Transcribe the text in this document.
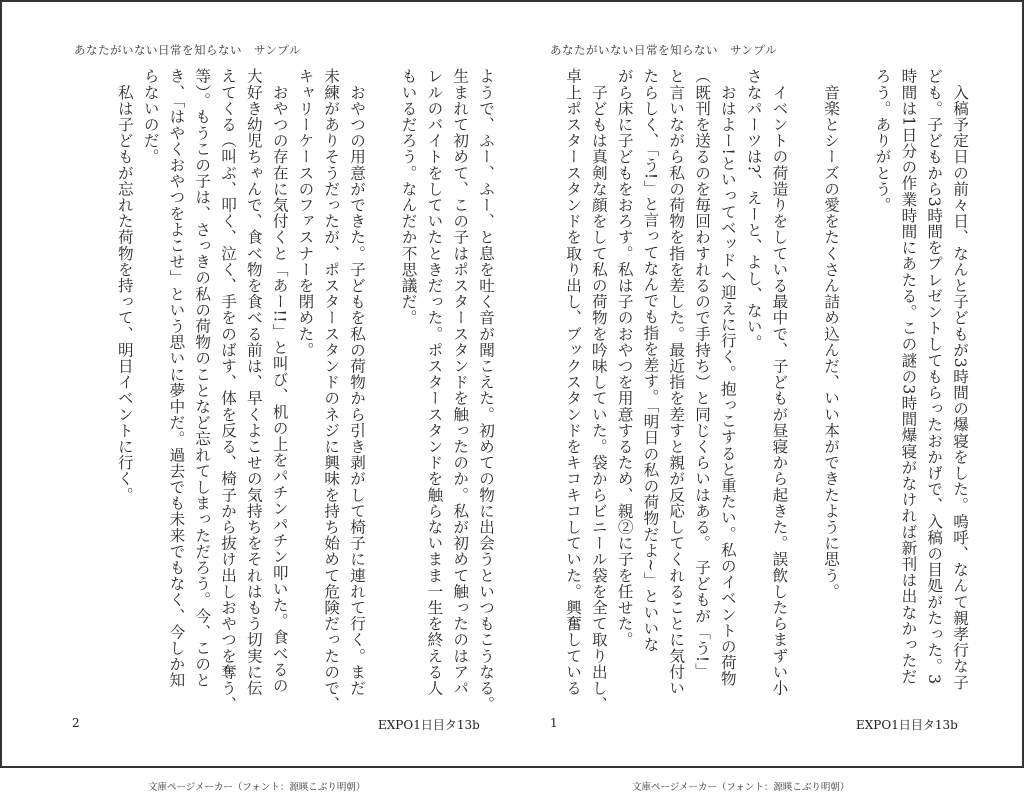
あなたがいない日常を知らない　サンプル
ようで、ふー、ふー、と息を吐く音が聞こえた。初めての物に出会うといつもこうなる。
生まれて初めて、この子はポスタースタンドを触ったのか。私が初めて触ったのはアパ
レルのバイトをしていたときだった。ポスタースタンドを触らないまま一生を終える人
もいるだろう。なんだか不思議だ。

　おやつの用意ができた。子どもを私の荷物から引き剥がして椅子に連れて行く。まだ
未練がありそうだったが、ポスタースタンドのネジに興味を持ち始めて危険だったので、
キャリーケースのファスナーを閉めた。
　おやつの存在に気付くと「あー!!」と叫び、机の上をパチンパチン叩いた。食べるの
大好き幼児ちゃんで、食べ物を食べる前は、早くよこせの気持ちをそれはもう切実に伝
えてくる（叫ぶ、叩く、泣く、手をのばす、体を反る、椅子から抜け出しおやつを奪う、
等）。もうこの子は、さっきの私の荷物のことなど忘れてしまっただろう。今、このと
き、「はやくおやつをよこせ」という思いに夢中だ。過去でも未来でもなく、今しか知
らないのだ。
　私は子どもが忘れた荷物を持って、明日イベントに行く。
2	EXPO1日目タ13b
あなたがいない日常を知らない　サンプル
　入稿予定日の前々日、なんと子どもが3時間の爆寝をした。嗚呼、なんて親孝行な子
ども。子どもから3時間をプレゼントしてもらったおかげで、入稿の目処がたった。3
時間は1日分の作業時間にあたる。この謎の3時間爆寝がなければ新刊は出なかっただ
ろう。ありがとう。

　音楽とシーズの愛をたくさん詰め込んだ、いい本ができたように思う。

　イベントの荷造りをしている最中で、子どもが昼寝から起きた。誤飲したらまずい小
さなパーツは?、えーと、よし、ない。
　おはよー!といってベッドへ迎えに行く。抱っこすると重たい。私のイベントの荷物
（既刊を送るのを毎回わすれるので手持ち）と同じくらいはある。　子どもが「う!」
と言いながら私の荷物を指を差した。最近指を差すと親が反応してくれることに気付い
たらしく、「う!」と言ってなんでも指を差す。「明日の私の荷物だよ~」といいな
がら床に子どもをおろす。私は子のおやつを用意するため、親②に子を任せた。
　子どもは真剣な顔をして私の荷物を吟味していた。袋からビニール袋を全て取り出し、
卓上ポスタースタンドを取り出し、ブックスタンドをキコキコしていた。興奮している
1	EXPO1日目タ13b
文庫ページメーカー（フォント：源暎こぶり明朝）	文庫ページメーカー（フォント：源暎こぶり明朝）
